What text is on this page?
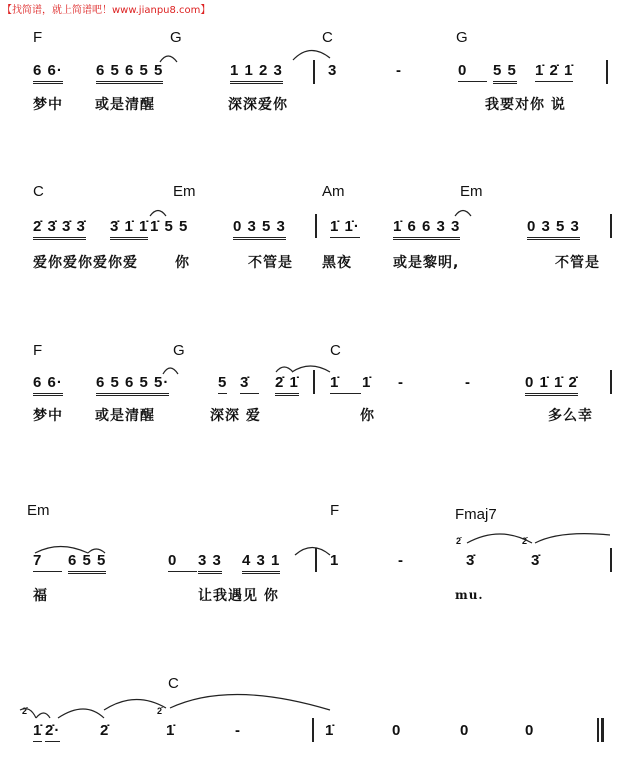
【找简谱，就上简谱吧！www.jianpu8.com】
F	G	C	G
6 6· 6 5 6 5 5	1 1 2 3	3	-	0	5 5 1̇ 2̇ 1̇
梦中 或是清醒	深深爱你	我要对你 说
C	Em	Am	Em
2̇ 3̇ 3̇ 3̇ 3̇ 1̇ 1̇ 1̇ 5 5	0 3 5 3	1̇ 1̇· 1̇ 6 6 3 3	0 3 5 3
爱你爱你爱你爱	你	不管是 黑夜	或是黎明,	不管是
F	G	C
6 6· 6 5 6 5 5·	5 3̇	2̇ 1̇ 1̇	1̇ -	-	0 1̇ 1̇ 2̇
梦中 或是清醒	深深 爱	你	多么幸
Em	F	Fmaj7
7	6 5 5	0	3 3 4 3 1	1	-
2̇
3̇
2̇
3̇
福	让我遇见 你	mu.
C
2̇
1̇ 2̇·	2̇
2̇
1̇	-	1̇	0	0	0
